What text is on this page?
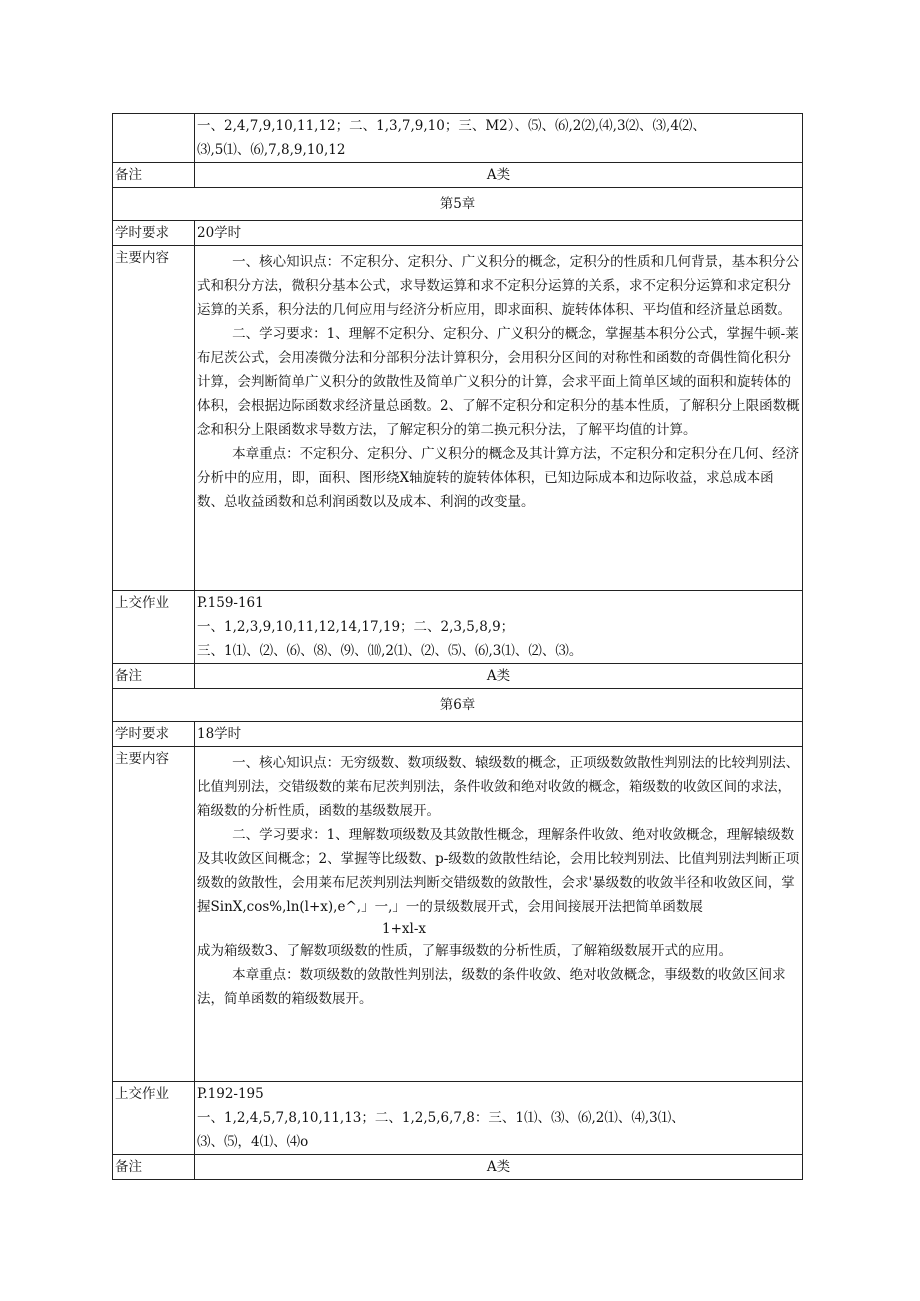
	一、2,4,7,9,10,11,12；二、1,3,7,9,10；三、M2）、⑸、⑹,2⑵,⑷,3⑵、⑶,4⑵、
⑶,5⑴、⑹,7,8,9,10,12

备注	A类
第5章	
学时要求	20学时
主要内容	一、核心知识点：不定积分、定积分、广义积分的概念，定积分的性质和几何背景，基本积分公式和积分方法，微积分基本公式，求导数运算和求不定积分运算的关系，求不定积分运算和求定积分运算的关系，积分法的几何应用与经济分析应用，即求面积、旋转体体积、平均值和经济量总函数。

二、学习要求：1、理解不定积分、定积分、广义积分的概念，掌握基本积分公式，掌握牛顿-莱布尼茨公式，会用凑微分法和分部积分法计算积分，会用积分区间的对称性和函数的奇偶性简化积分计算，会判断简单广义积分的敛散性及简单广义积分的计算，会求平面上简单区域的面积和旋转体的体积，会根据边际函数求经济量总函数。2、了解不定积分和定积分的基本性质，了解积分上限函数概念和积分上限函数求导数方法，了解定积分的第二换元积分法，了解平均值的计算。

本章重点：不定积分、定积分、广义积分的概念及其计算方法，不定积分和定积分在几何、经济分析中的应用，即，面积、图形绕X轴旋转的旋转体体积，已知边际成本和边际收益，求总成本函数、总收益函数和总利润函数以及成本、利润的改变量。

上交作业	P.159-161
一、1,2,3,9,10,11,12,14,17,19；二、2,3,5,8,9；
三、1⑴、⑵、⑹、⑻、⑼、⑽,2⑴、⑵、⑸、⑹,3⑴、⑵、⑶。

备注	A类
第6章	
学时要求	18学时
主要内容	一、核心知识点：无穷级数、数项级数、辕级数的概念，正项级数敛散性判别法的比较判别法、比值判别法，交错级数的莱布尼茨判别法，条件收敛和绝对收敛的概念，箱级数的收敛区间的求法，箱级数的分析性质，函数的基级数展开。

二、学习要求：1、理解数项级数及其敛散性概念，理解条件收敛、绝对收敛概念，理解辕级数及其收敛区间概念；2、掌握等比级数、p-级数的敛散性结论，会用比较判别法、比值判别法判断正项级数的敛散性，会用莱布尼茨判别法判断交错级数的敛散性，会求'暴级数的收敛半径和收敛区间，掌握SinX,cos%,ln(l+x),e^,」一,」一的景级数展开式，会用间接展开法把简单函数展

1+xl-x

成为箱级数3、了解数项级数的性质，了解事级数的分析性质，了解箱级数展开式的应用。

本章重点：数项级数的敛散性判别法，级数的条件收敛、绝对收敛概念，事级数的收敛区间求法，简单函数的箱级数展开。

上交作业	P.192-195
一、1,2,4,5,7,8,10,11,13；二、1,2,5,6,7,8：三、1⑴、⑶、⑹,2⑴、⑷,3⑴、
⑶、⑸，4⑴、⑷o

备注	A类
